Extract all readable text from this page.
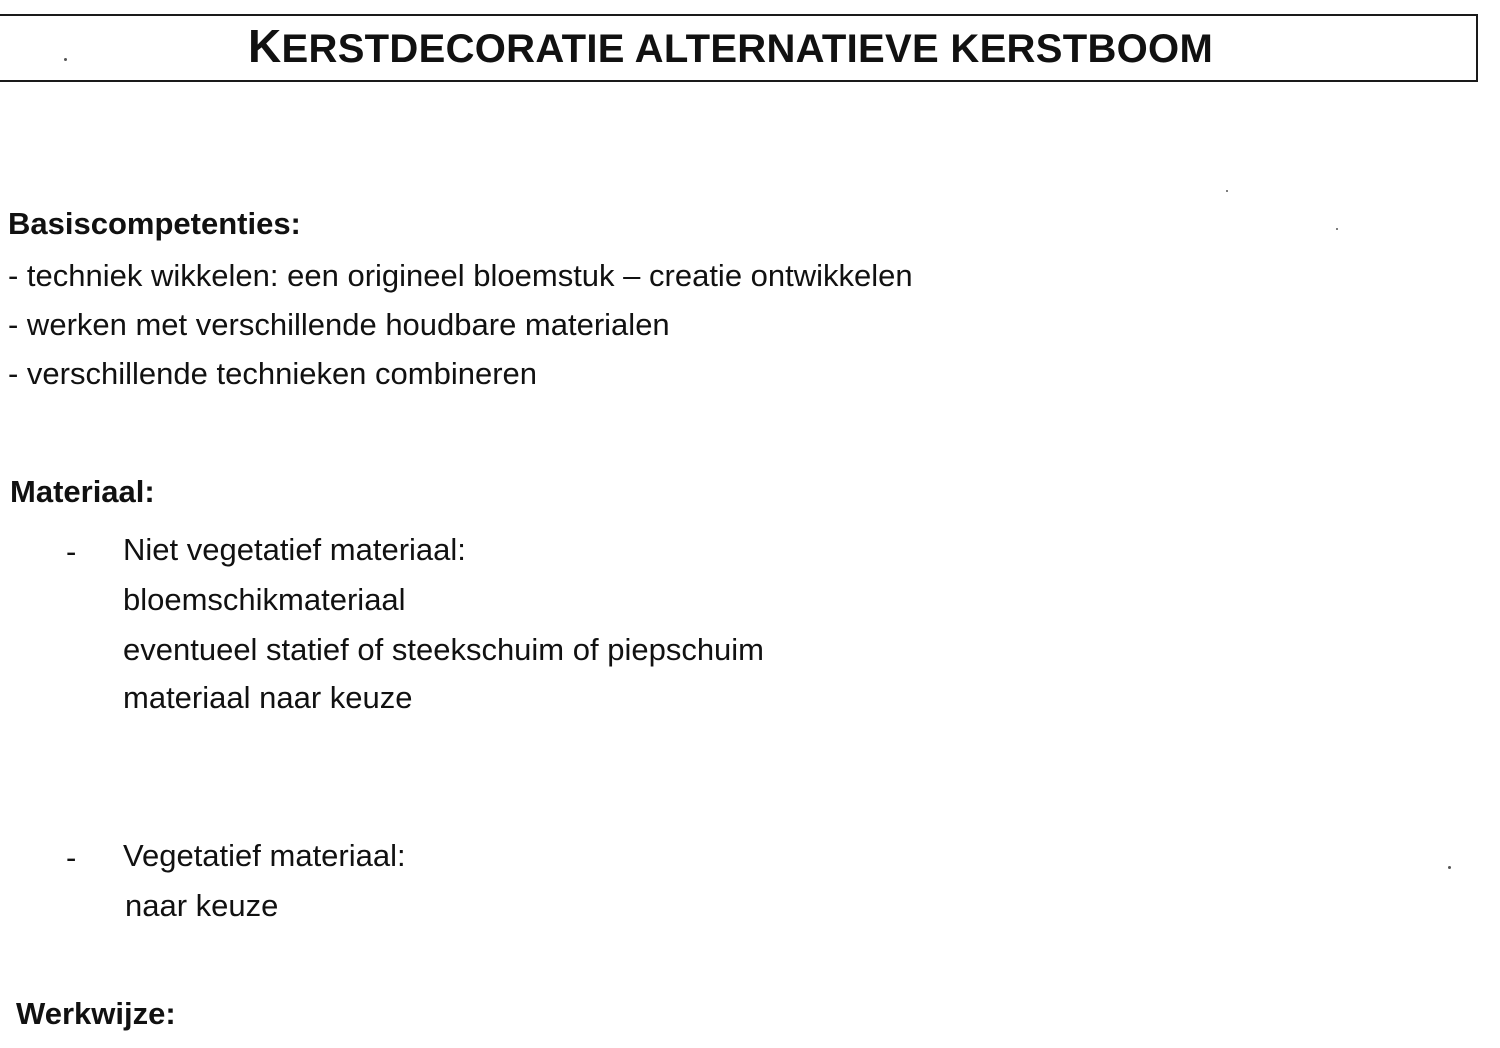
KERSTDECORATIE ALTERNATIEVE KERSTBOOM
Basiscompetenties:
- techniek wikkelen: een origineel bloemstuk – creatie ontwikkelen
- werken met verschillende houdbare materialen
- verschillende technieken combineren
Materiaal:
- Niet vegetatief materiaal:
bloemschikmateriaal
eventueel statief of steekschuim of piepschuim
materiaal naar keuze
- Vegetatief materiaal:
naar keuze
Werkwijze:
